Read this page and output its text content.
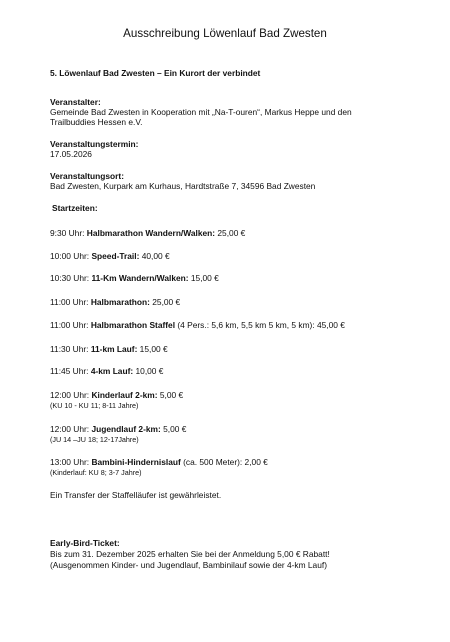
Ausschreibung Löwenlauf Bad Zwesten
5. Löwenlauf Bad Zwesten – Ein Kurort der verbindet
Veranstalter:
Gemeinde Bad Zwesten in Kooperation mit „Na-T-ouren“, Markus Heppe und den
Trailbuddies Hessen e.V.
Veranstaltungstermin:
17.05.2026
Veranstaltungsort:
Bad Zwesten, Kurpark am Kurhaus, Hardtstraße 7, 34596 Bad Zwesten
Startzeiten:
9:30 Uhr: Halbmarathon Wandern/Walken: 25,00 €
10:00 Uhr: Speed-Trail: 40,00 €
10:30 Uhr: 11-Km Wandern/Walken: 15,00 €
11:00 Uhr: Halbmarathon: 25,00 €
11:00 Uhr: Halbmarathon Staffel (4 Pers.: 5,6 km, 5,5 km 5 km, 5 km): 45,00 €
11:30 Uhr: 11-km Lauf: 15,00 €
11:45 Uhr: 4-km Lauf: 10,00 €
12:00 Uhr: Kinderlauf 2-km: 5,00 €
(KU 10 - KU 11; 8-11 Jahre)
12:00 Uhr: Jugendlauf 2-km: 5,00 €
(JU 14 –JU 18; 12-17Jahre)
13:00 Uhr: Bambini-Hindernislauf (ca. 500 Meter): 2,00 €
(Kinderlauf: KU 8; 3-7 Jahre)
Ein Transfer der Staffelläufer ist gewährleistet.
Early-Bird-Ticket:
Bis zum 31. Dezember 2025 erhalten Sie bei der Anmeldung 5,00 € Rabatt!
(Ausgenommen Kinder- und Jugendlauf, Bambinilauf sowie der 4-km Lauf)
